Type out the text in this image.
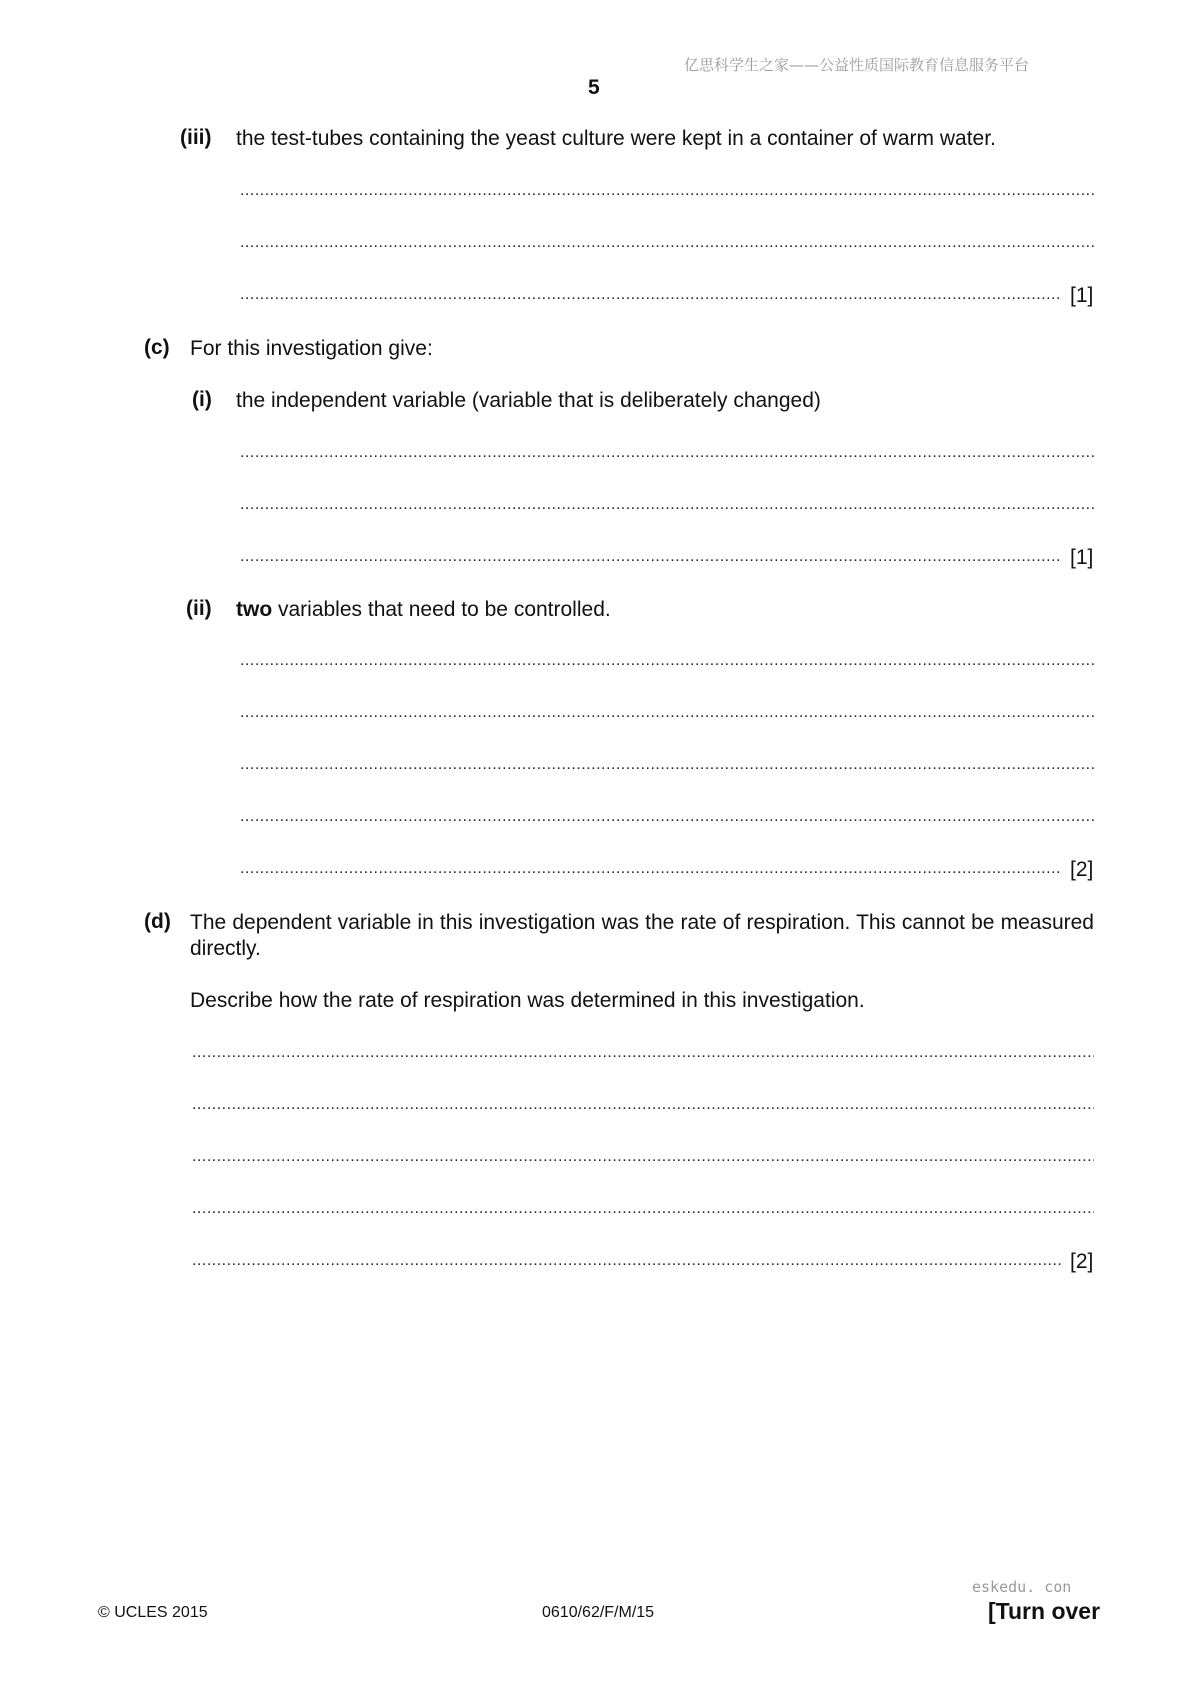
亿思科学生之家——公益性质国际教育信息服务平台
5
(iii) the test-tubes containing the yeast culture were kept in a container of warm water.
.....
.....
.....
[1]
(c) For this investigation give:
(i) the independent variable (variable that is deliberately changed)
.....
.....
.....
[1]
(ii) two variables that need to be controlled.
.....
.....
.....
.....
.....
[2]
(d) The dependent variable in this investigation was the rate of respiration. This cannot be measured directly.
Describe how the rate of respiration was determined in this investigation.
.....
.....
.....
.....
.....
[2]
eskedu. con
© UCLES 2015	0610/62/F/M/15	[Turn over
